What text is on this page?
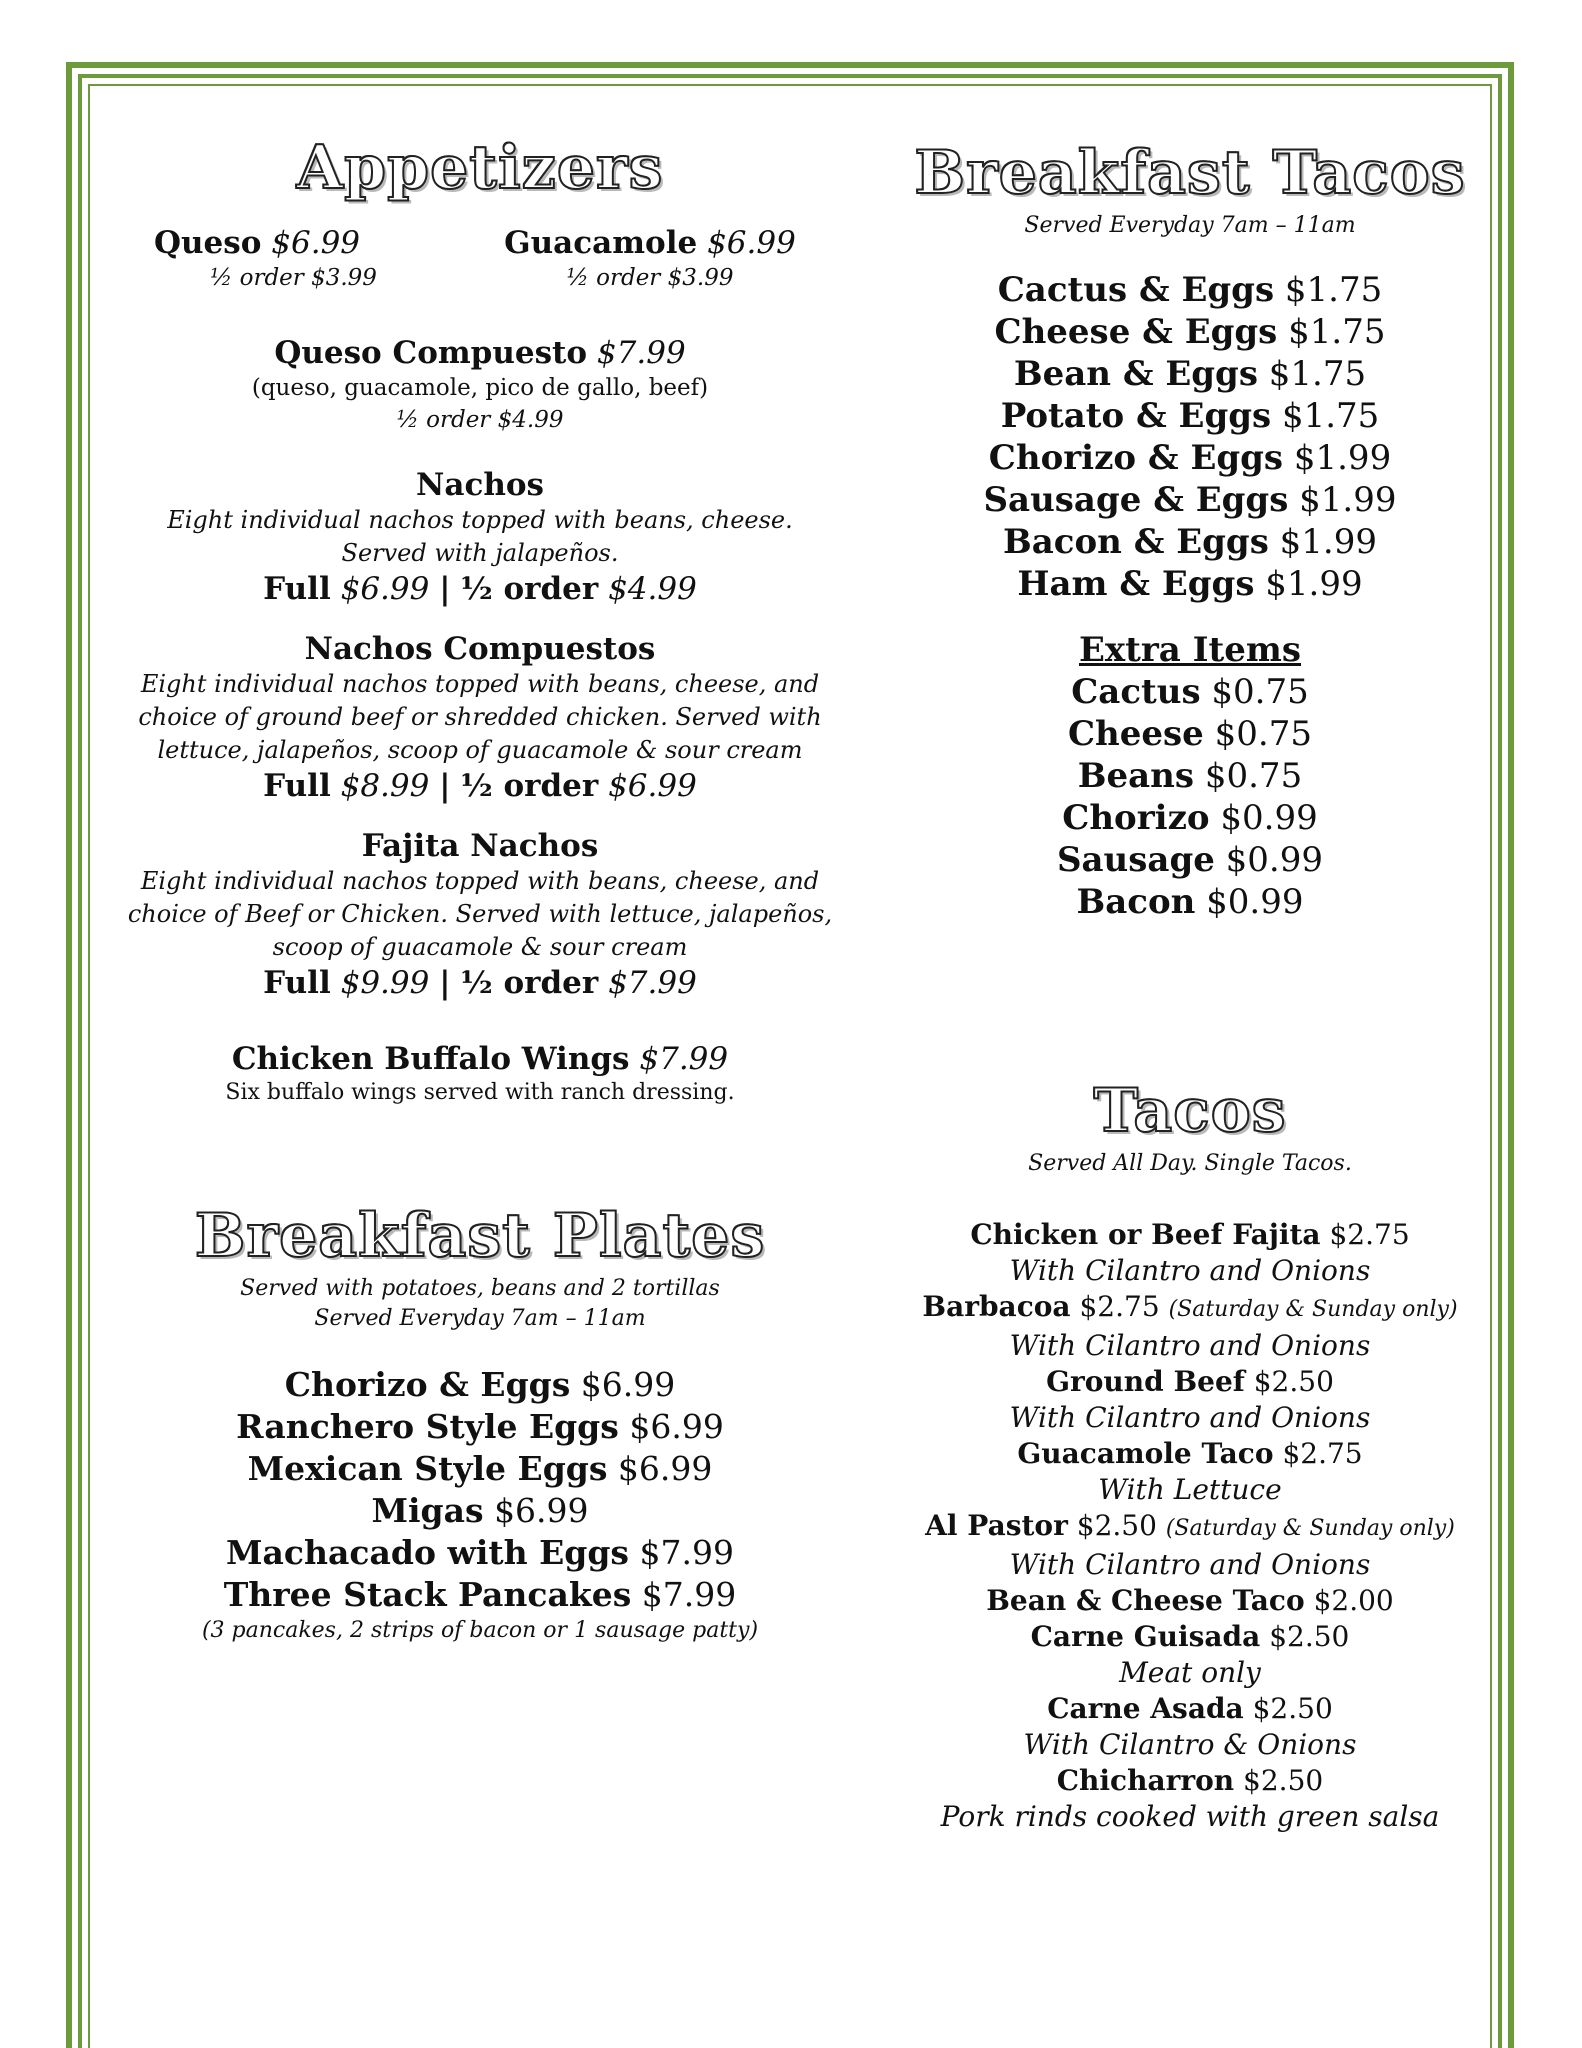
Appetizers

Queso $6.99

½ order $3.99

Guacamole $6.99

½ order $3.99

Queso Compuesto $7.99

(queso, guacamole, pico de gallo, beef)

½ order $4.99

Nachos

Eight individual nachos topped with beans, cheese.

Served with jalapeños.

Full $6.99 | ½ order $4.99

Nachos Compuestos

Eight individual nachos topped with beans, cheese, and

choice of ground beef or shredded chicken. Served with

lettuce, jalapeños, scoop of guacamole & sour cream

Full $8.99 | ½ order $6.99

Fajita Nachos

Eight individual nachos topped with beans, cheese, and

choice of Beef or Chicken. Served with lettuce, jalapeños,

scoop of guacamole & sour cream

Full $9.99 | ½ order $7.99

Chicken Buffalo Wings $7.99

Six buffalo wings served with ranch dressing.

Breakfast Plates

Served with potatoes, beans and 2 tortillas

Served Everyday 7am – 11am

Chorizo & Eggs $6.99

Ranchero Style Eggs $6.99

Mexican Style Eggs $6.99

Migas $6.99

Machacado with Eggs $7.99

Three Stack Pancakes $7.99

(3 pancakes, 2 strips of bacon or 1 sausage patty)

Breakfast Tacos

Served Everyday 7am – 11am

Cactus & Eggs $1.75

Cheese & Eggs $1.75

Bean & Eggs $1.75

Potato & Eggs $1.75

Chorizo & Eggs $1.99

Sausage & Eggs $1.99

Bacon & Eggs $1.99

Ham & Eggs $1.99

Extra Items

Cactus $0.75

Cheese $0.75

Beans $0.75

Chorizo $0.99

Sausage $0.99

Bacon $0.99

Tacos

Served All Day. Single Tacos.

Chicken or Beef Fajita $2.75

With Cilantro and Onions

Barbacoa $2.75 (Saturday & Sunday only)

With Cilantro and Onions

Ground Beef $2.50

With Cilantro and Onions

Guacamole Taco $2.75

With Lettuce

Al Pastor $2.50 (Saturday & Sunday only)

With Cilantro and Onions

Bean & Cheese Taco $2.00

Carne Guisada $2.50

Meat only

Carne Asada $2.50

With Cilantro & Onions

Chicharron $2.50

Pork rinds cooked with green salsa
